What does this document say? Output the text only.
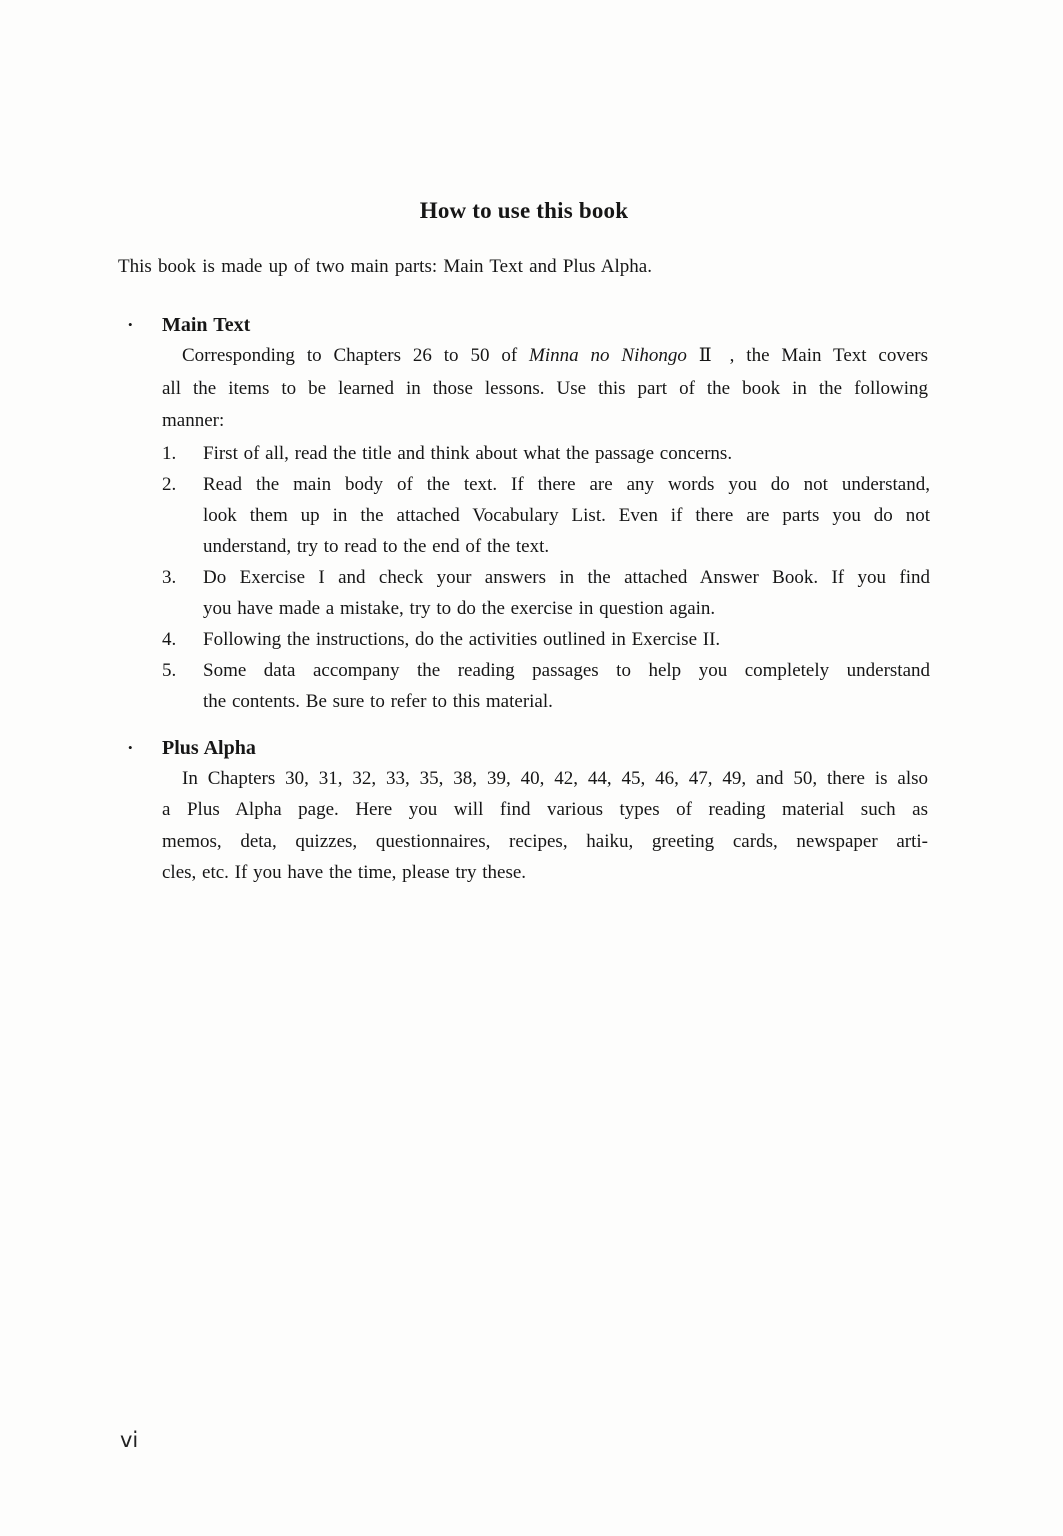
How to use this book
This book is made up of two main parts: Main Text and Plus Alpha.
• Main Text
Corresponding to Chapters 26 to 50 of Minna no Nihongo Ⅱ , the Main Text covers
all the items to be learned in those lessons. Use this part of the book in the following
manner:
1.	First of all, read the title and think about what the passage concerns.
2.	Read the main body of the text. If there are any words you do not understand,
look them up in the attached Vocabulary List. Even if there are parts you do not
understand, try to read to the end of the text.
3.	Do Exercise I and check your answers in the attached Answer Book. If you find
you have made a mistake, try to do the exercise in question again.
4.	Following the instructions, do the activities outlined in Exercise II.
5.	Some data accompany the reading passages to help you completely understand
the contents. Be sure to refer to this material.
• Plus Alpha
In Chapters 30, 31, 32, 33, 35, 38, 39, 40, 42, 44, 45, 46, 47, 49, and 50, there is also
a Plus Alpha page. Here you will find various types of reading material such as
memos, deta, quizzes, questionnaires, recipes, haiku, greeting cards, newspaper arti-
cles, etc. If you have the time, please try these.
vi
